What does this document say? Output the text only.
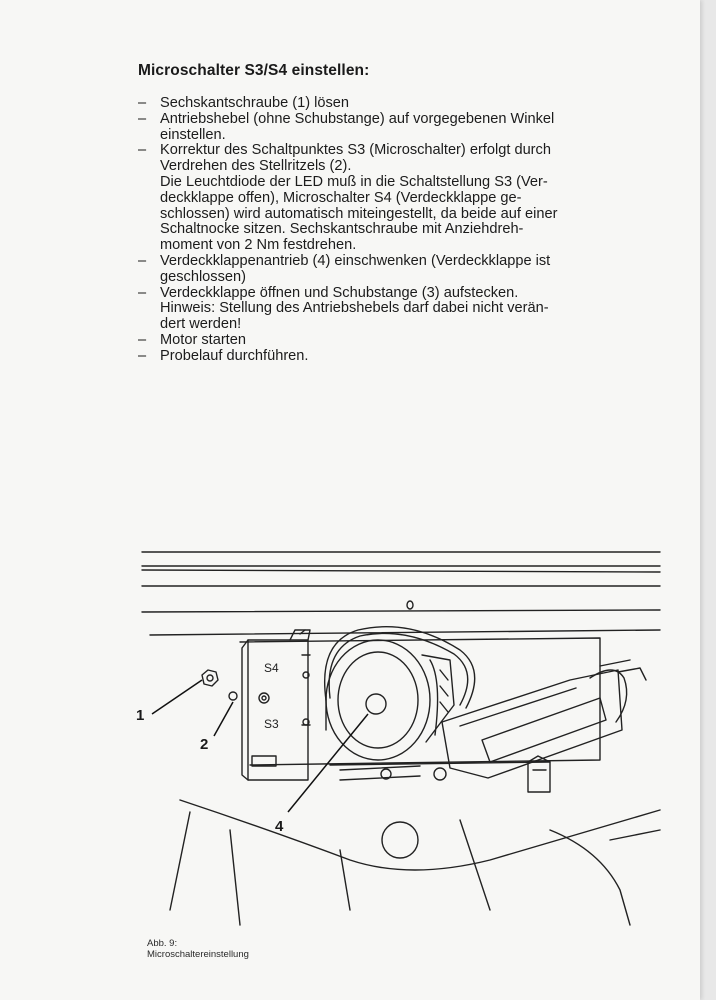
Microschalter S3/S4 einstellen:
– Sechskantschraube (1) lösen
– Antriebshebel (ohne Schubstange) auf vorgegebenen Winkel
einstellen.
– Korrektur des Schaltpunktes S3 (Microschalter) erfolgt durch
Verdrehen des Stellritzels (2).
Die Leuchtdiode der LED muß in die Schaltstellung S3 (Ver-
deckklappe offen), Microschalter S4 (Verdeckklappe ge-
schlossen) wird automatisch miteingestellt, da beide auf einer
Schaltnocke sitzen. Sechskantschraube mit Anziehdreh-
moment von 2 Nm festdrehen.
– Verdeckklappenantrieb (4) einschwenken (Verdeckklappe ist
geschlossen)
– Verdeckklappe öffnen und Schubstange (3) aufstecken.
Hinweis: Stellung des Antriebshebels darf dabei nicht verän-
dert werden!
– Motor starten
– Probelauf durchführen.
S4
S3
1
2
4
Abb. 9:
Microschaltereinstellung
